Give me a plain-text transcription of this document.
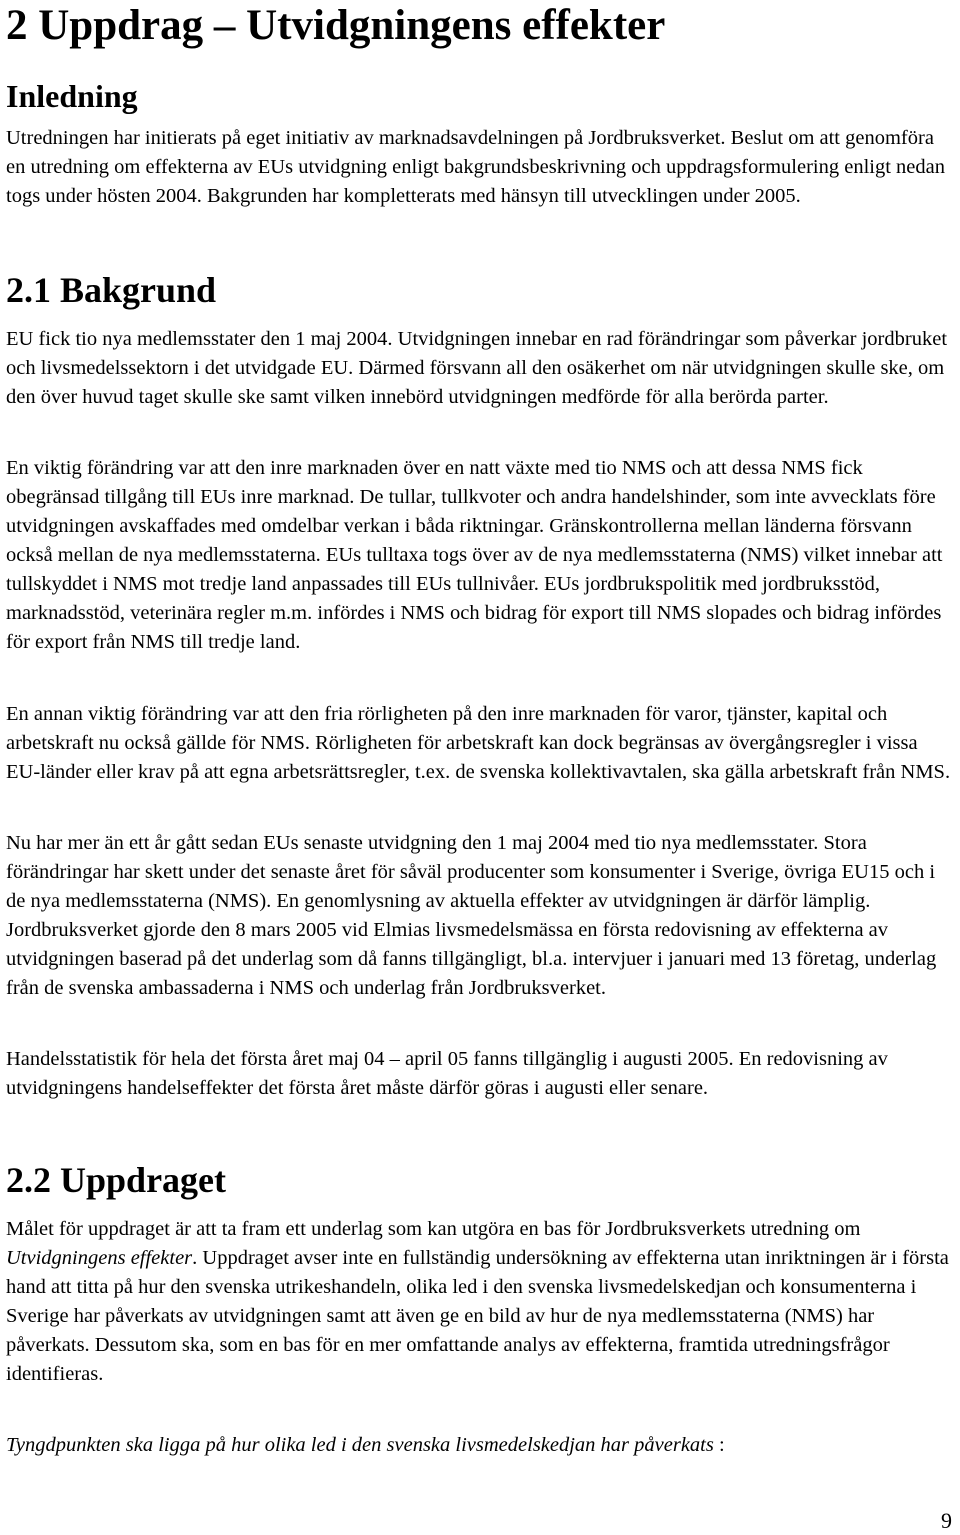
2 Uppdrag – Utvidgningens effekter
Inledning

Utredningen har initierats på eget initiativ av marknadsavdelningen på Jordbruksverket. Beslut om att genomföra en utredning om effekterna av EUs utvidgning enligt bakgrundsbeskrivning och uppdragsformulering enligt nedan togs under hösten 2004. Bakgrunden har kompletterats med hänsyn till utvecklingen under 2005.

2.1 Bakgrund

EU fick tio nya medlemsstater den 1 maj 2004. Utvidgningen innebar en rad förändringar som påverkar jordbruket och livsmedelssektorn i det utvidgade EU. Därmed försvann all den osäkerhet om när utvidgningen skulle ske, om den över huvud taget skulle ske samt vilken innebörd utvidgningen medförde för alla berörda parter.

En viktig förändring var att den inre marknaden över en natt växte med tio NMS och att dessa NMS fick obegränsad tillgång till EUs inre marknad. De tullar, tullkvoter och andra handelshinder, som inte avvecklats före utvidgningen avskaffades med omdelbar verkan i båda riktningar. Gränskontrollerna mellan länderna försvann också mellan de nya medlemsstaterna. EUs tulltaxa togs över av de nya medlemsstaterna (NMS) vilket innebar att tullskyddet i NMS mot tredje land anpassades till EUs tullnivåer. EUs jordbrukspolitik med jordbruksstöd, marknadsstöd, veterinära regler m.m. infördes i NMS och bidrag för export till NMS slopades och bidrag infördes för export från NMS till tredje land.

En annan viktig förändring var att den fria rörligheten på den inre marknaden för varor, tjänster, kapital och arbetskraft nu också gällde för NMS. Rörligheten för arbetskraft kan dock begränsas av övergångsregler i vissa EU-länder eller krav på att egna arbetsrättsregler, t.ex. de svenska kollektivavtalen, ska gälla arbetskraft från NMS.

Nu har mer än ett år gått sedan EUs senaste utvidgning den 1 maj 2004 med tio nya medlemsstater. Stora förändringar har skett under det senaste året för såväl producenter som konsumenter i Sverige, övriga EU15 och i de nya medlemsstaterna (NMS). En genomlysning av aktuella effekter av utvidgningen är därför lämplig. Jordbruksverket gjorde den 8 mars 2005 vid Elmias livsmedelsmässa en första redovisning av effekterna av utvidgningen baserad på det underlag som då fanns tillgängligt, bl.a. intervjuer i januari med 13 företag, underlag från de svenska ambassaderna i NMS och underlag från Jordbruksverket.

Handelsstatistik för hela det första året maj 04 – april 05 fanns tillgänglig i augusti 2005. En redovisning av utvidgningens handelseffekter det första året måste därför göras i augusti eller senare.

2.2 Uppdraget

Målet för uppdraget är att ta fram ett underlag som kan utgöra en bas för Jordbruksverkets utredning om Utvidgningens effekter. Uppdraget avser inte en fullständig undersökning av effekterna utan inriktningen är i första hand att titta på hur den svenska utrikeshandeln, olika led i den svenska livsmedelskedjan och konsumenterna i Sverige har påverkats av utvidgningen samt att även ge en bild av hur de nya medlemsstaterna (NMS) har påverkats. Dessutom ska, som en bas för en mer omfattande analys av effekterna, framtida utredningsfrågor identifieras.

Tyngdpunkten ska ligga på hur olika led i den svenska livsmedelskedjan har påverkats :

9
